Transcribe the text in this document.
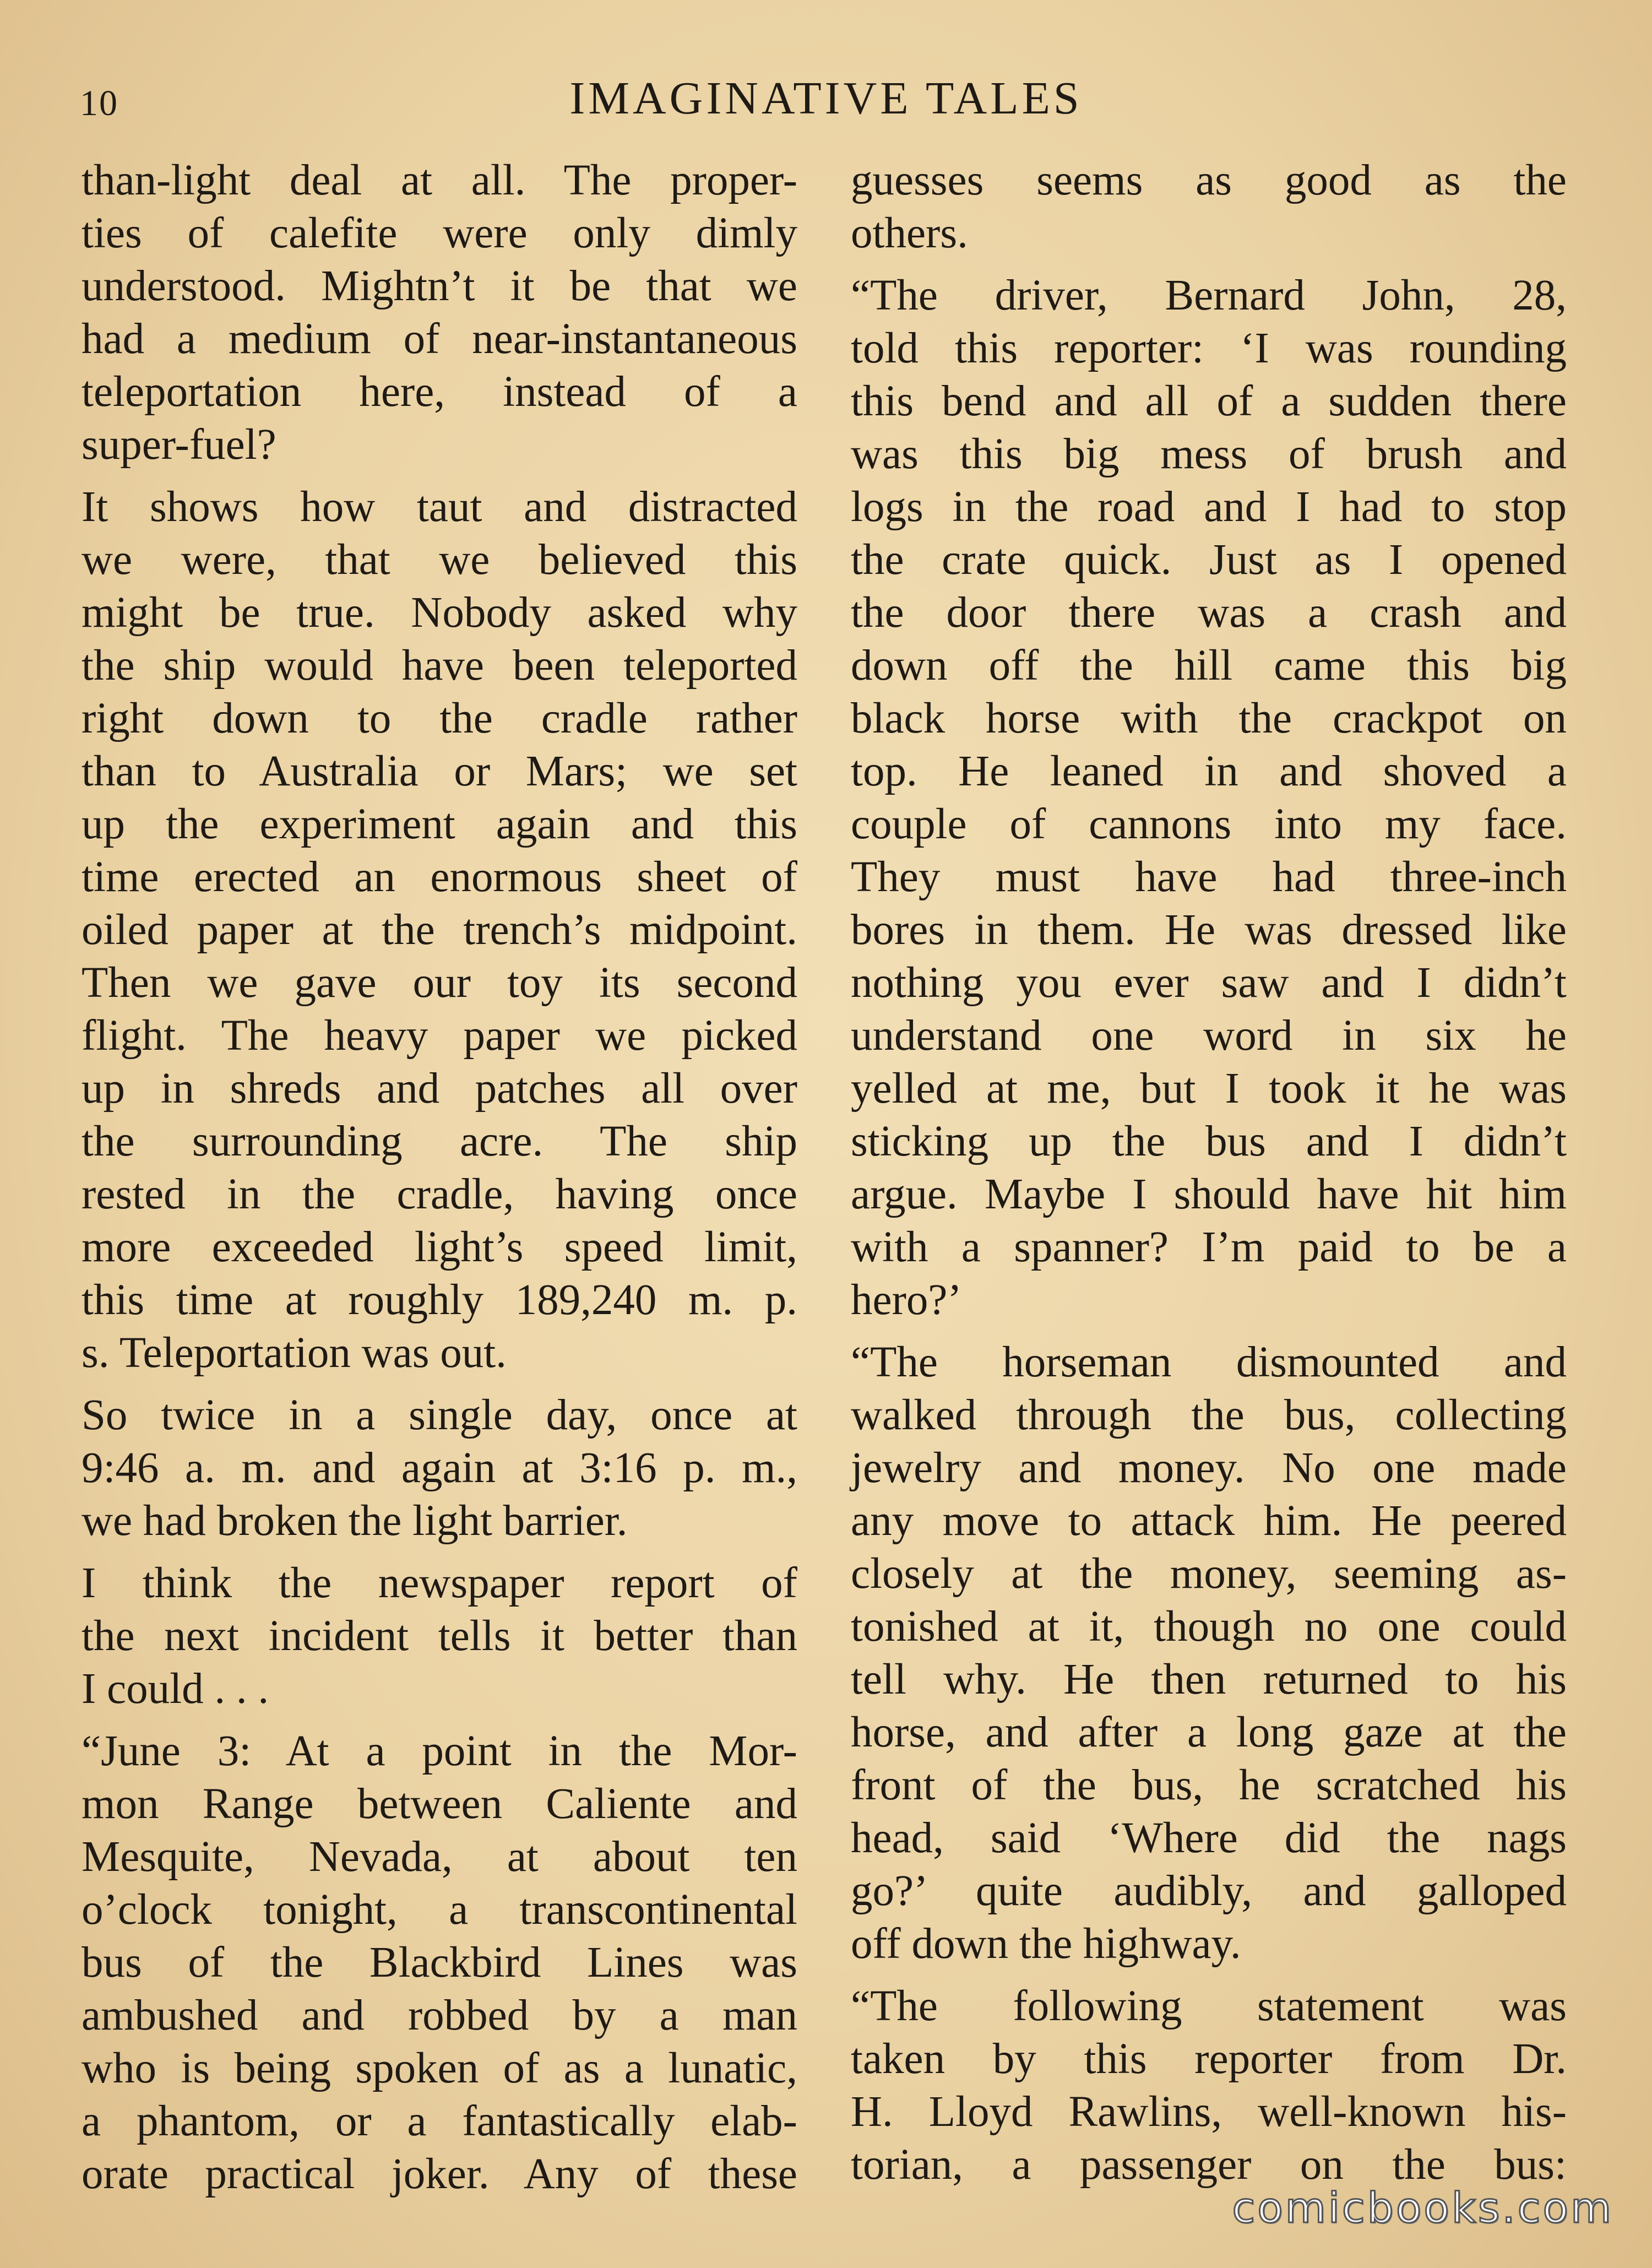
10	IMAGINATIVE TALES
than-light deal at all. The proper-
ties of calefite were only dimly
understood. Mightn’t it be that we
had a medium of near-instantaneous
teleportation here, instead of a
super-fuel?
It shows how taut and distracted
we were, that we believed this
might be true. Nobody asked why
the ship would have been teleported
right down to the cradle rather
than to Australia or Mars; we set
up the experiment again and this
time erected an enormous sheet of
oiled paper at the trench’s midpoint.
Then we gave our toy its second
flight. The heavy paper we picked
up in shreds and patches all over
the surrounding acre. The ship
rested in the cradle, having once
more exceeded light’s speed limit,
this time at roughly 189,240 m. p.
s. Teleportation was out.
So twice in a single day, once at
9:46 a. m. and again at 3:16 p. m.,
we had broken the light barrier.
I think the newspaper report of
the next incident tells it better than
I could . . .
“June 3: At a point in the Mor-
mon Range between Caliente and
Mesquite, Nevada, at about ten
o’clock tonight, a transcontinental
bus of the Blackbird Lines was
ambushed and robbed by a man
who is being spoken of as a lunatic,
a phantom, or a fantastically elab-
orate practical joker. Any of these
guesses seems as good as the
others.
“The driver, Bernard John, 28,
told this reporter: ‘I was rounding
this bend and all of a sudden there
was this big mess of brush and
logs in the road and I had to stop
the crate quick. Just as I opened
the door there was a crash and
down off the hill came this big
black horse with the crackpot on
top. He leaned in and shoved a
couple of cannons into my face.
They must have had three-inch
bores in them. He was dressed like
nothing you ever saw and I didn’t
understand one word in six he
yelled at me, but I took it he was
sticking up the bus and I didn’t
argue. Maybe I should have hit him
with a spanner? I’m paid to be a
hero?’
“The horseman dismounted and
walked through the bus, collecting
jewelry and money. No one made
any move to attack him. He peered
closely at the money, seeming as-
tonished at it, though no one could
tell why. He then returned to his
horse, and after a long gaze at the
front of the bus, he scratched his
head, said ‘Where did the nags
go?’ quite audibly, and galloped
off down the highway.
“The following statement was
taken by this reporter from Dr.
H. Lloyd Rawlins, well-known his-
torian, a passenger on the bus:
comicbooks.com
